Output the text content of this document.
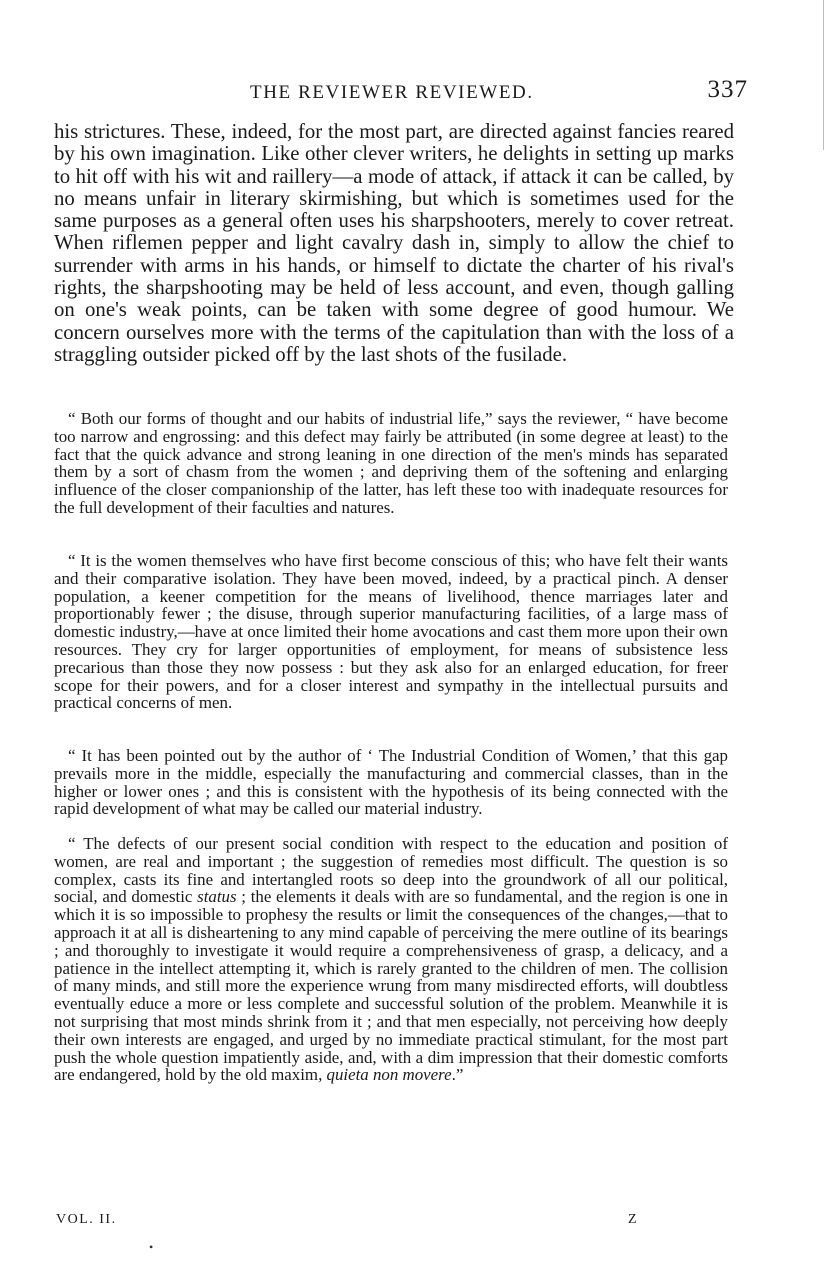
THE REVIEWER REVIEWED.	337

his strictures. These, indeed, for the most part, are directed against fancies reared by his own imagination. Like other clever writers, he delights in setting up marks to hit off with his wit and raillery—a mode of attack, if attack it can be called, by no means unfair in literary skirmishing, but which is sometimes used for the same purposes as a general often uses his sharpshooters, merely to cover retreat. When riflemen pepper and light cavalry dash in, simply to allow the chief to surrender with arms in his hands, or himself to dictate the charter of his rival's rights, the sharpshooting may be held of less account, and even, though galling on one's weak points, can be taken with some degree of good humour. We concern ourselves more with the terms of the capitulation than with the loss of a straggling outsider picked off by the last shots of the fusilade.

“ Both our forms of thought and our habits of industrial life,” says the reviewer, “ have become too narrow and engrossing: and this defect may fairly be attributed (in some degree at least) to the fact that the quick advance and strong leaning in one direction of the men's minds has separated them by a sort of chasm from the women ; and depriving them of the softening and enlarging influence of the closer companionship of the latter, has left these too with inadequate resources for the full development of their faculties and natures.

“ It is the women themselves who have first become conscious of this; who have felt their wants and their comparative isolation. They have been moved, indeed, by a practical pinch. A denser population, a keener competition for the means of livelihood, thence marriages later and proportionably fewer ; the disuse, through superior manufacturing facilities, of a large mass of domestic industry,—have at once limited their home avocations and cast them more upon their own resources. They cry for larger opportunities of employment, for means of subsistence less precarious than those they now possess : but they ask also for an enlarged education, for freer scope for their powers, and for a closer interest and sympathy in the intellectual pursuits and practical concerns of men.

“ It has been pointed out by the author of ‘ The Industrial Condition of Women,’ that this gap prevails more in the middle, especially the manufacturing and commercial classes, than in the higher or lower ones ; and this is consistent with the hypothesis of its being connected with the rapid development of what may be called our material industry.

“ The defects of our present social condition with respect to the education and position of women, are real and important ; the suggestion of remedies most difficult. The question is so complex, casts its fine and intertangled roots so deep into the groundwork of all our political, social, and domestic status ; the elements it deals with are so fundamental, and the region is one in which it is so impossible to prophesy the results or limit the consequences of the changes,—that to approach it at all is disheartening to any mind capable of perceiving the mere outline of its bearings ; and thoroughly to investigate it would require a comprehensiveness of grasp, a delicacy, and a patience in the intellect attempting it, which is rarely granted to the children of men. The collision of many minds, and still more the experience wrung from many misdirected efforts, will doubtless eventually educe a more or less complete and successful solution of the problem. Meanwhile it is not surprising that most minds shrink from it ; and that men especially, not perceiving how deeply their own interests are engaged, and urged by no immediate practical stimulant, for the most part push the whole question impatiently aside, and, with a dim impression that their domestic comforts are endangered, hold by the old maxim, quieta non movere.”

VOL. II.	Z
•
